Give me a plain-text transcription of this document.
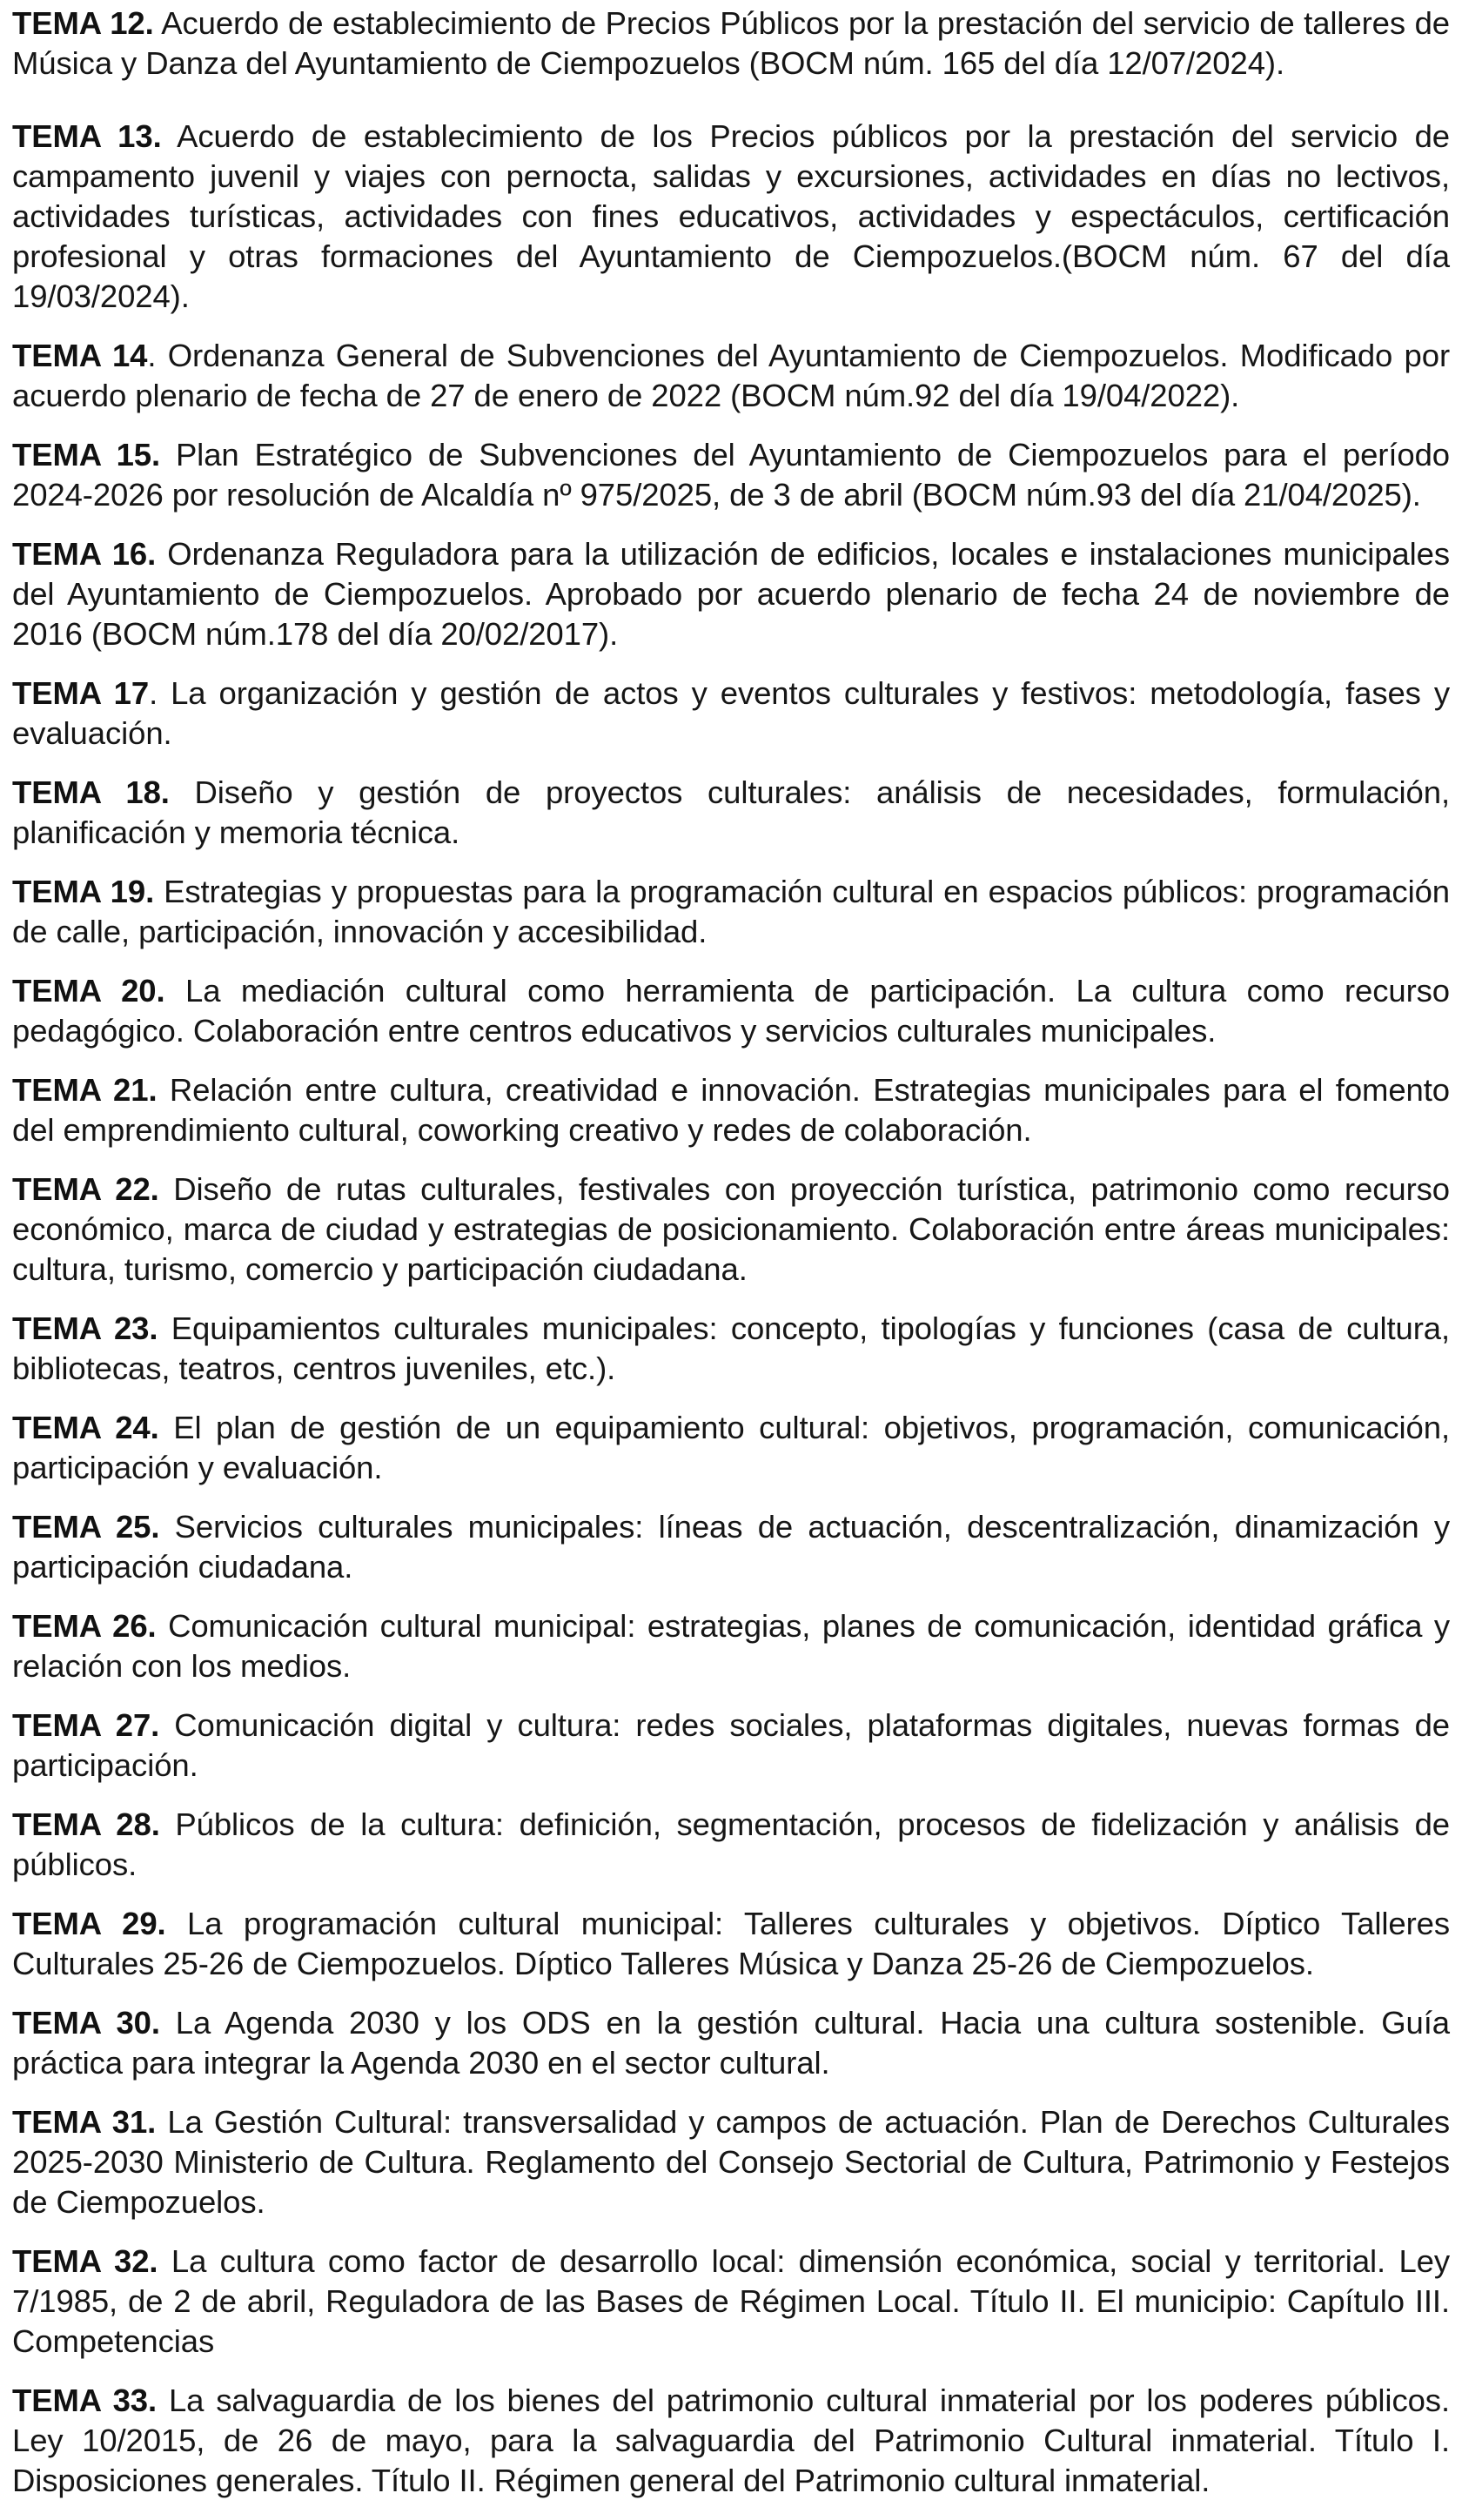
TEMA 12. Acuerdo de establecimiento de Precios Públicos por la prestación del servicio de talleres de Música y Danza del Ayuntamiento de Ciempozuelos (BOCM núm. 165 del día 12/07/2024).

TEMA 13. Acuerdo de establecimiento de los Precios públicos por la prestación del servicio de campamento juvenil y viajes con pernocta, salidas y excursiones, actividades en días no lectivos, actividades turísticas, actividades con fines educativos, actividades y espectáculos, certificación profesional y otras formaciones del Ayuntamiento de Ciempozuelos.(BOCM núm. 67 del día 19/03/2024).

TEMA 14. Ordenanza General de Subvenciones del Ayuntamiento de Ciempozuelos. Modificado por acuerdo plenario de fecha de 27 de enero de 2022 (BOCM núm.92 del día 19/04/2022).

TEMA 15. Plan Estratégico de Subvenciones del Ayuntamiento de Ciempozuelos para el período 2024-2026 por resolución de Alcaldía nº 975/2025, de 3 de abril (BOCM núm.93 del día 21/04/2025).

TEMA 16. Ordenanza Reguladora para la utilización de edificios, locales e instalaciones municipales del Ayuntamiento de Ciempozuelos. Aprobado por acuerdo plenario de fecha 24 de noviembre de 2016 (BOCM núm.178 del día 20/02/2017).

TEMA 17. La organización y gestión de actos y eventos culturales y festivos: metodología, fases y evaluación.

TEMA 18. Diseño y gestión de proyectos culturales: análisis de necesidades, formulación, planificación y memoria técnica.

TEMA 19. Estrategias y propuestas para la programación cultural en espacios públicos: programación de calle, participación, innovación y accesibilidad.

TEMA 20. La mediación cultural como herramienta de participación. La cultura como recurso pedagógico. Colaboración entre centros educativos y servicios culturales municipales.

TEMA 21. Relación entre cultura, creatividad e innovación. Estrategias municipales para el fomento del emprendimiento cultural, coworking creativo y redes de colaboración.

TEMA 22. Diseño de rutas culturales, festivales con proyección turística, patrimonio como recurso económico, marca de ciudad y estrategias de posicionamiento. Colaboración entre áreas municipales: cultura, turismo, comercio y participación ciudadana.

TEMA 23. Equipamientos culturales municipales: concepto, tipologías y funciones (casa de cultura, bibliotecas, teatros, centros juveniles, etc.).

TEMA 24. El plan de gestión de un equipamiento cultural: objetivos, programación, comunicación, participación y evaluación.

TEMA 25. Servicios culturales municipales: líneas de actuación, descentralización, dinamización y participación ciudadana.

TEMA 26. Comunicación cultural municipal: estrategias, planes de comunicación, identidad gráfica y relación con los medios.

TEMA 27. Comunicación digital y cultura: redes sociales, plataformas digitales, nuevas formas de participación.

TEMA 28. Públicos de la cultura: definición, segmentación, procesos de fidelización y análisis de públicos.

TEMA 29. La programación cultural municipal: Talleres culturales y objetivos. Díptico Talleres Culturales 25-26 de Ciempozuelos. Díptico Talleres Música y Danza 25-26 de Ciempozuelos.

TEMA 30. La Agenda 2030 y los ODS en la gestión cultural. Hacia una cultura sostenible. Guía práctica para integrar la Agenda 2030 en el sector cultural.

TEMA 31. La Gestión Cultural: transversalidad y campos de actuación. Plan de Derechos Culturales 2025-2030 Ministerio de Cultura. Reglamento del Consejo Sectorial de Cultura, Patrimonio y Festejos de Ciempozuelos.

TEMA 32. La cultura como factor de desarrollo local: dimensión económica, social y territorial. Ley 7/1985, de 2 de abril, Reguladora de las Bases de Régimen Local. Título II. El municipio: Capítulo III. Competencias

TEMA 33. La salvaguardia de los bienes del patrimonio cultural inmaterial por los poderes públicos. Ley 10/2015, de 26 de mayo, para la salvaguardia del Patrimonio Cultural inmaterial. Título I. Disposiciones generales. Título II. Régimen general del Patrimonio cultural inmaterial.
